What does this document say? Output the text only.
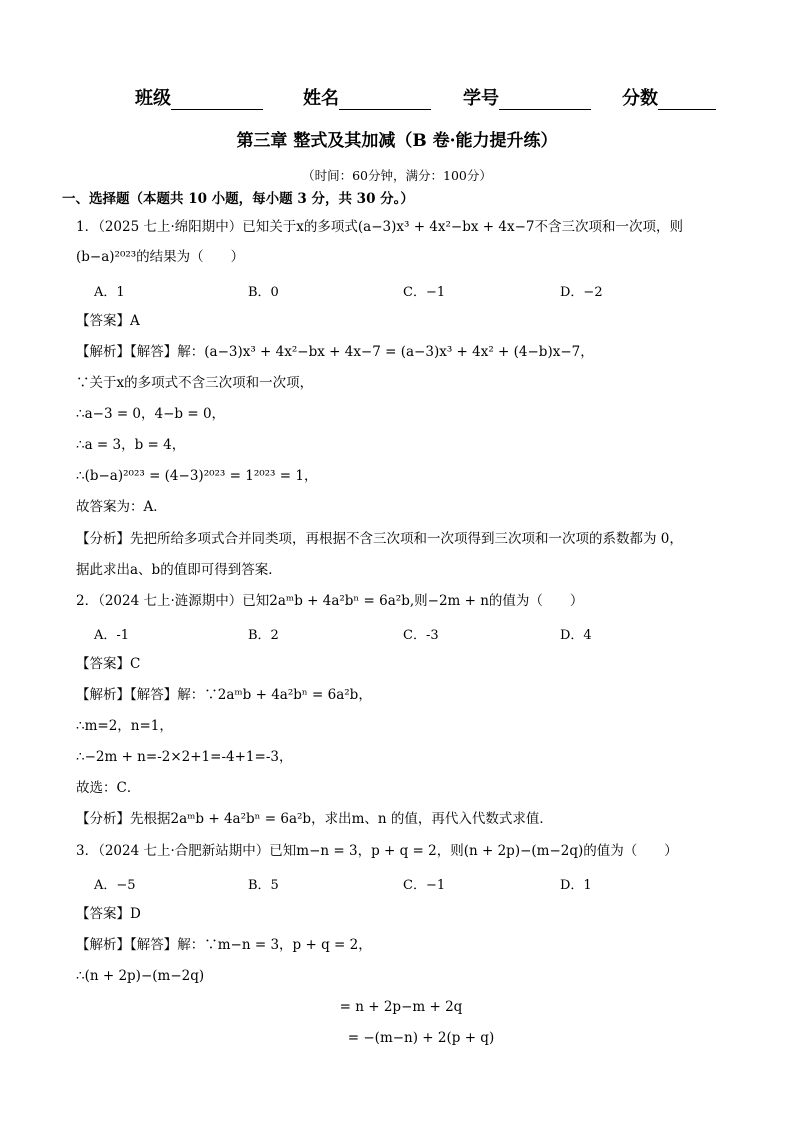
班级	姓名	学号	分数
第三章 整式及其加减（B 卷·能力提升练）
（时间：60分钟，满分：100分）
一、选择题（本题共 10 小题，每小题 3 分，共 30 分。）
1．（2025 七上·绵阳期中）已知关于x的多项式(a−3)x³ + 4x²−bx + 4x−7不含三次项和一次项，则
(b−a)²⁰²³的结果为（　　）
A．1	B．0	C．−1	D．−2
【答案】A
【解析】【解答】解：(a−3)x³ + 4x²−bx + 4x−7 = (a−3)x³ + 4x² + (4−b)x−7，
∵关于x的多项式不含三次项和一次项，
∴a−3 = 0，4−b = 0，
∴a = 3，b = 4，
∴(b−a)²⁰²³ = (4−3)²⁰²³ = 1²⁰²³ = 1，
故答案为：A．
【分析】先把所给多项式合并同类项，再根据不含三次项和一次项得到三次项和一次项的系数都为 0，
据此求出a、b的值即可得到答案．
2．（2024 七上·涟源期中）已知2aᵐb + 4a²bⁿ = 6a²b,则−2m + n的值为（　　）
A．-1	B．2	C．-3	D．4
【答案】C
【解析】【解答】解：∵2aᵐb + 4a²bⁿ = 6a²b，
∴m=2，n=1，
∴−2m + n=-2×2+1=-4+1=-3，
故选：C．
【分析】先根据2aᵐb + 4a²bⁿ = 6a²b，求出m、n 的值，再代入代数式求值．
3．（2024 七上·合肥新站期中）已知m−n = 3，p + q = 2，则(n + 2p)−(m−2q)的值为（　　）
A．−5	B．5	C．−1	D．1
【答案】D
【解析】【解答】解：∵m−n = 3，p + q = 2，
∴(n + 2p)−(m−2q)
= n + 2p−m + 2q
= −(m−n) + 2(p + q)
